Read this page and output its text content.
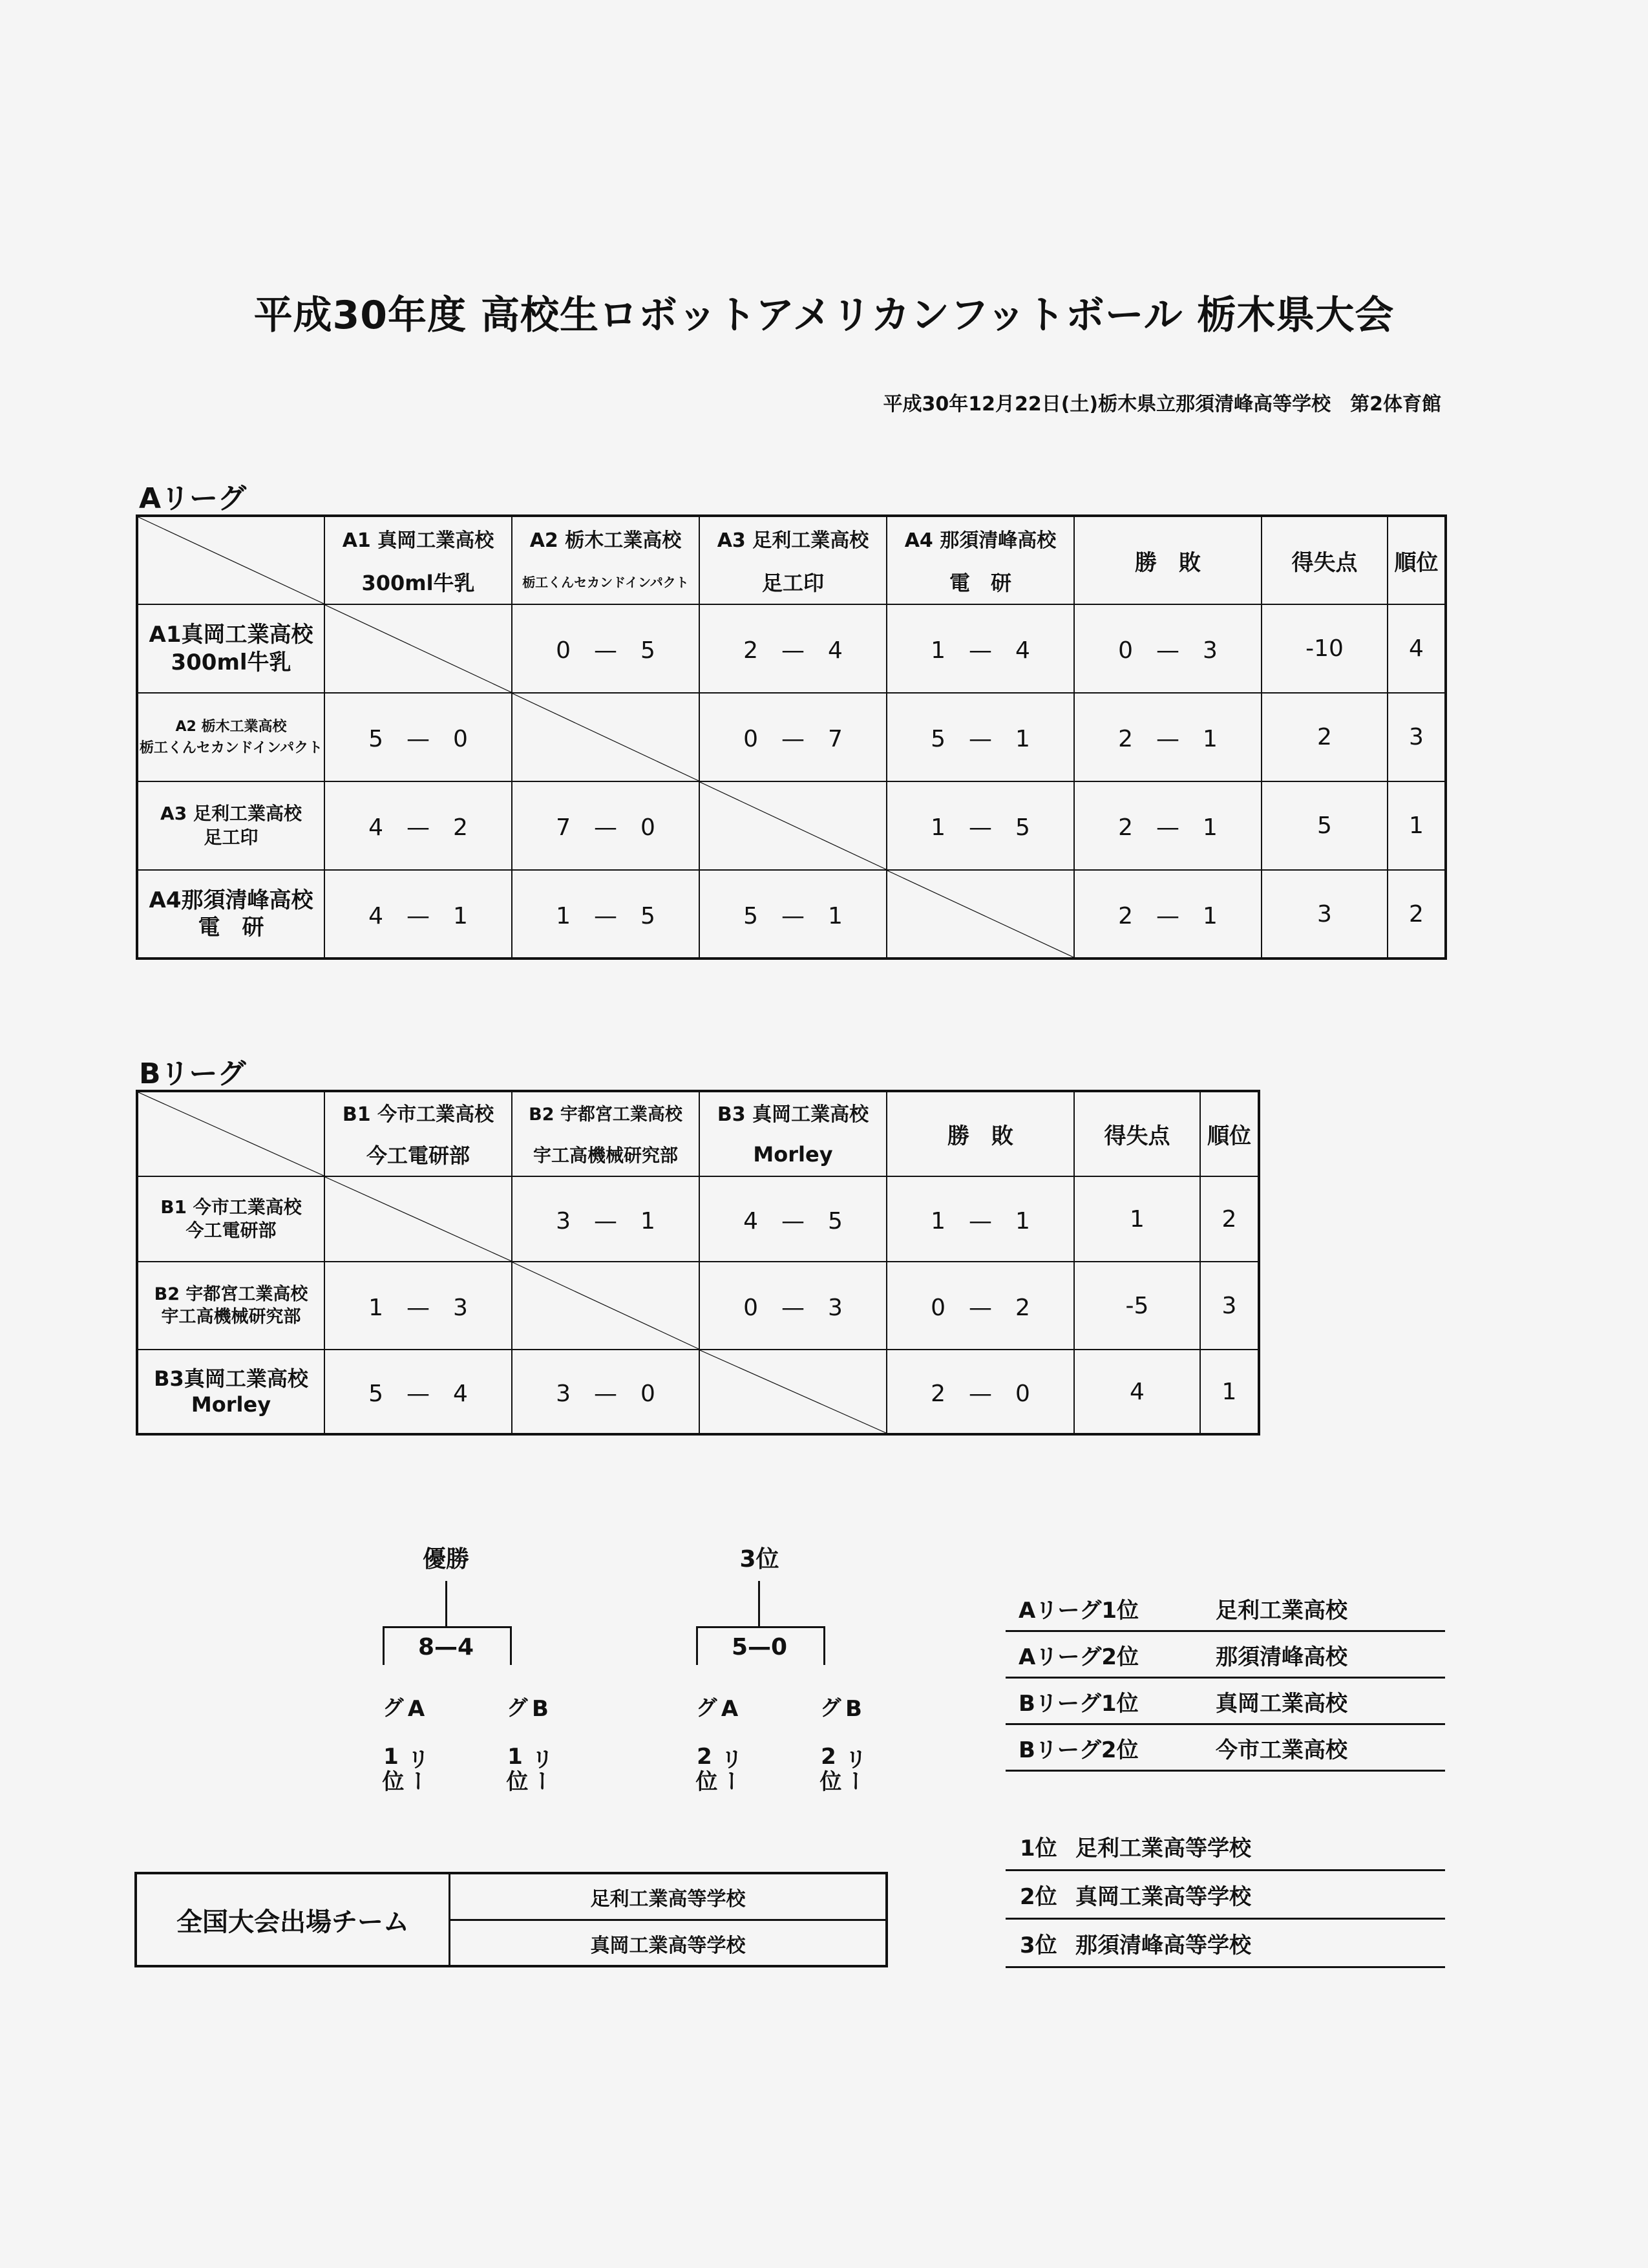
平成30年度 高校生ロボットアメリカンフットボール 栃木県大会
平成30年12月22日(土)栃木県立那須清峰高等学校　第2体育館
Aリーグ
	A1 真岡工業高校	A2 栃木工業高校	A3 足利工業高校	A4 那須清峰高校	勝　敗	得失点	順位
	300ml牛乳	栃工くんセカンドインパクト	足工印	電　研			

A1真岡工業高校
300ml牛乳		0　—　5	2　—　4	1　—　4	0　—　3	-10	4

A2 栃木工業高校
栃工くんセカンドインパクト	5　—　0		0　—　7	5　—　1	2　—　1	2	3

A3 足利工業高校
足工印	4　—　2	7　—　0		1　—　5	2　—　1	5	1

A4那須清峰高校
電　研	4　—　1	1　—　5	5　—　1		2　—　1	3	2
Bリーグ
	B1 今市工業高校	B2 宇都宮工業高校	B3 真岡工業高校	勝　敗	得失点	順位
	今工電研部	宇工高機械研究部	Morley			

B1 今市工業高校
今工電研部		3　—　1	4　—　5	1　—　1	1	2

B2 宇都宮工業高校
宇工高機械研究部	1　—　3		0　—　3	0　—　2	-5	3

B3真岡工業高校
Morley	5　—　4	3　—　0		2　—　0	4	1
優勝
8—4
A リーグ 1位	B リーグ 1位
3位
5—0
A リーグ 2位	B リーグ 2位
Aリーグ1位	足利工業高校
Aリーグ2位	那須清峰高校
Bリーグ1位	真岡工業高校
Bリーグ2位	今市工業高校
1位 足利工業高等学校
2位 真岡工業高等学校
3位 那須清峰高等学校
全国大会出場チーム
足利工業高等学校
真岡工業高等学校
